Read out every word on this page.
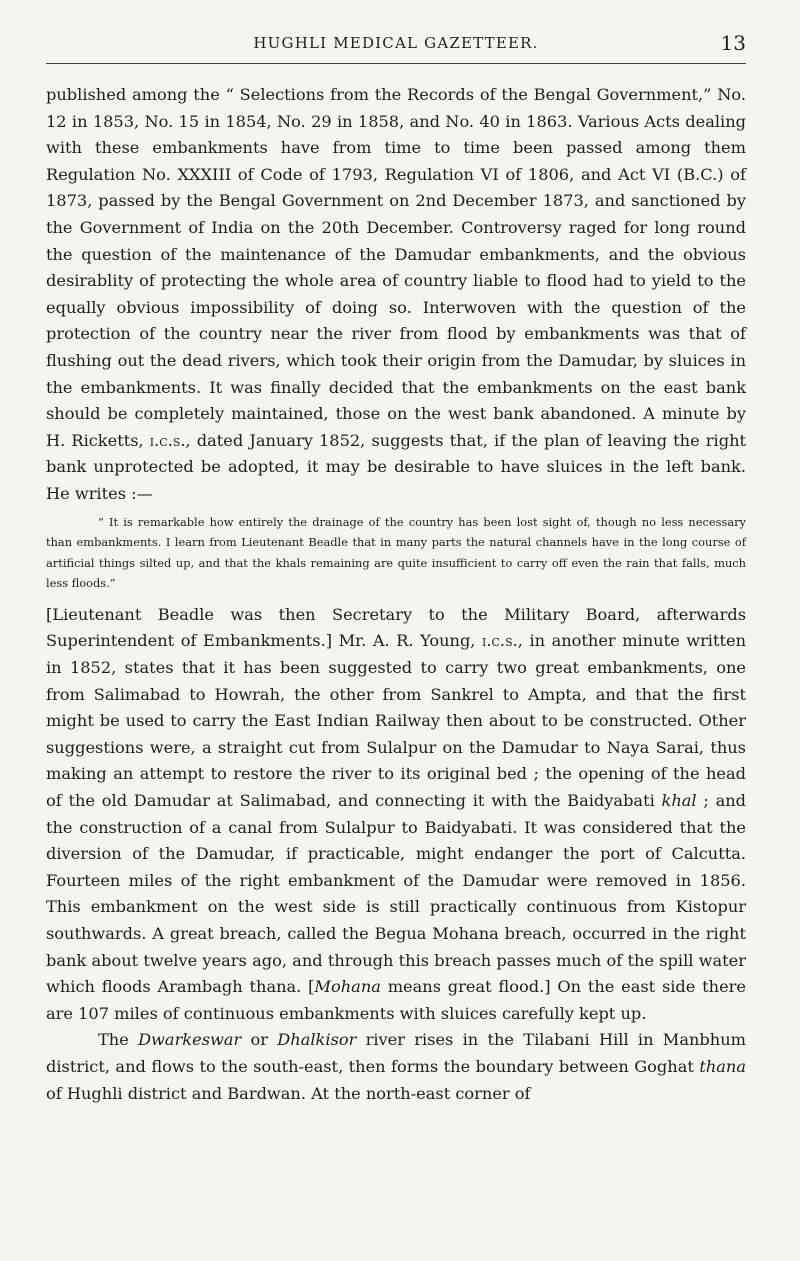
HUGHLI MEDICAL GAZETTEER.	13

published among the “ Selections from the Records of the Bengal Government,” No. 12 in 1853, No. 15 in 1854, No. 29 in 1858, and No. 40 in 1863. Various Acts dealing with these embankments have from time to time been passed among them Regulation No. XXXIII of Code of 1793, Regulation VI of 1806, and Act VI (B.C.) of 1873, passed by the Bengal Government on 2nd December 1873, and sanctioned by the Government of India on the 20th December. Controversy raged for long round the question of the maintenance of the Damudar embankments, and the obvious desirablity of protecting the whole area of country liable to flood had to yield to the equally obvious impossibility of doing so. Interwoven with the question of the protection of the country near the river from flood by embankments was that of flushing out the dead rivers, which took their origin from the Damudar, by sluices in the embankments. It was finally decided that the embankments on the east bank should be completely maintained, those on the west bank abandoned. A minute by H. Ricketts, i.c.s., dated January 1852, suggests that, if the plan of leaving the right bank unprotected be adopted, it may be desirable to have sluices in the left bank. He writes :—

“ It is remarkable how entirely the drainage of the country has been lost sight of, though no less necessary than embankments. I learn from Lieutenant Beadle that in many parts the natural channels have in the long course of artificial things silted up, and that the khals remaining are quite insufficient to carry off even the rain that falls, much less floods.”

[Lieutenant Beadle was then Secretary to the Military Board, afterwards Superintendent of Embankments.] Mr. A. R. Young, i.c.s., in another minute written in 1852, states that it has been suggested to carry two great embankments, one from Salimabad to Howrah, the other from Sankrel to Ampta, and that the first might be used to carry the East Indian Railway then about to be constructed. Other suggestions were, a straight cut from Sulalpur on the Damudar to Naya Sarai, thus making an attempt to restore the river to its original bed ; the opening of the head of the old Damudar at Salimabad, and connecting it with the Baidyabati khal ; and the construction of a canal from Sulalpur to Baidyabati. It was considered that the diversion of the Damudar, if practicable, might endanger the port of Calcutta. Fourteen miles of the right embankment of the Damudar were removed in 1856. This embankment on the west side is still practically continuous from Kistopur southwards. A great breach, called the Begua Mohana breach, occurred in the right bank about twelve years ago, and through this breach passes much of the spill water which floods Arambagh thana. [Mohana means great flood.] On the east side there are 107 miles of continuous embankments with sluices carefully kept up.

The Dwarkeswar or Dhalkisor river rises in the Tilabani Hill in Manbhum district, and flows to the south-east, then forms the boundary between Goghat thana of Hughli district and Bardwan. At the north-east corner of
